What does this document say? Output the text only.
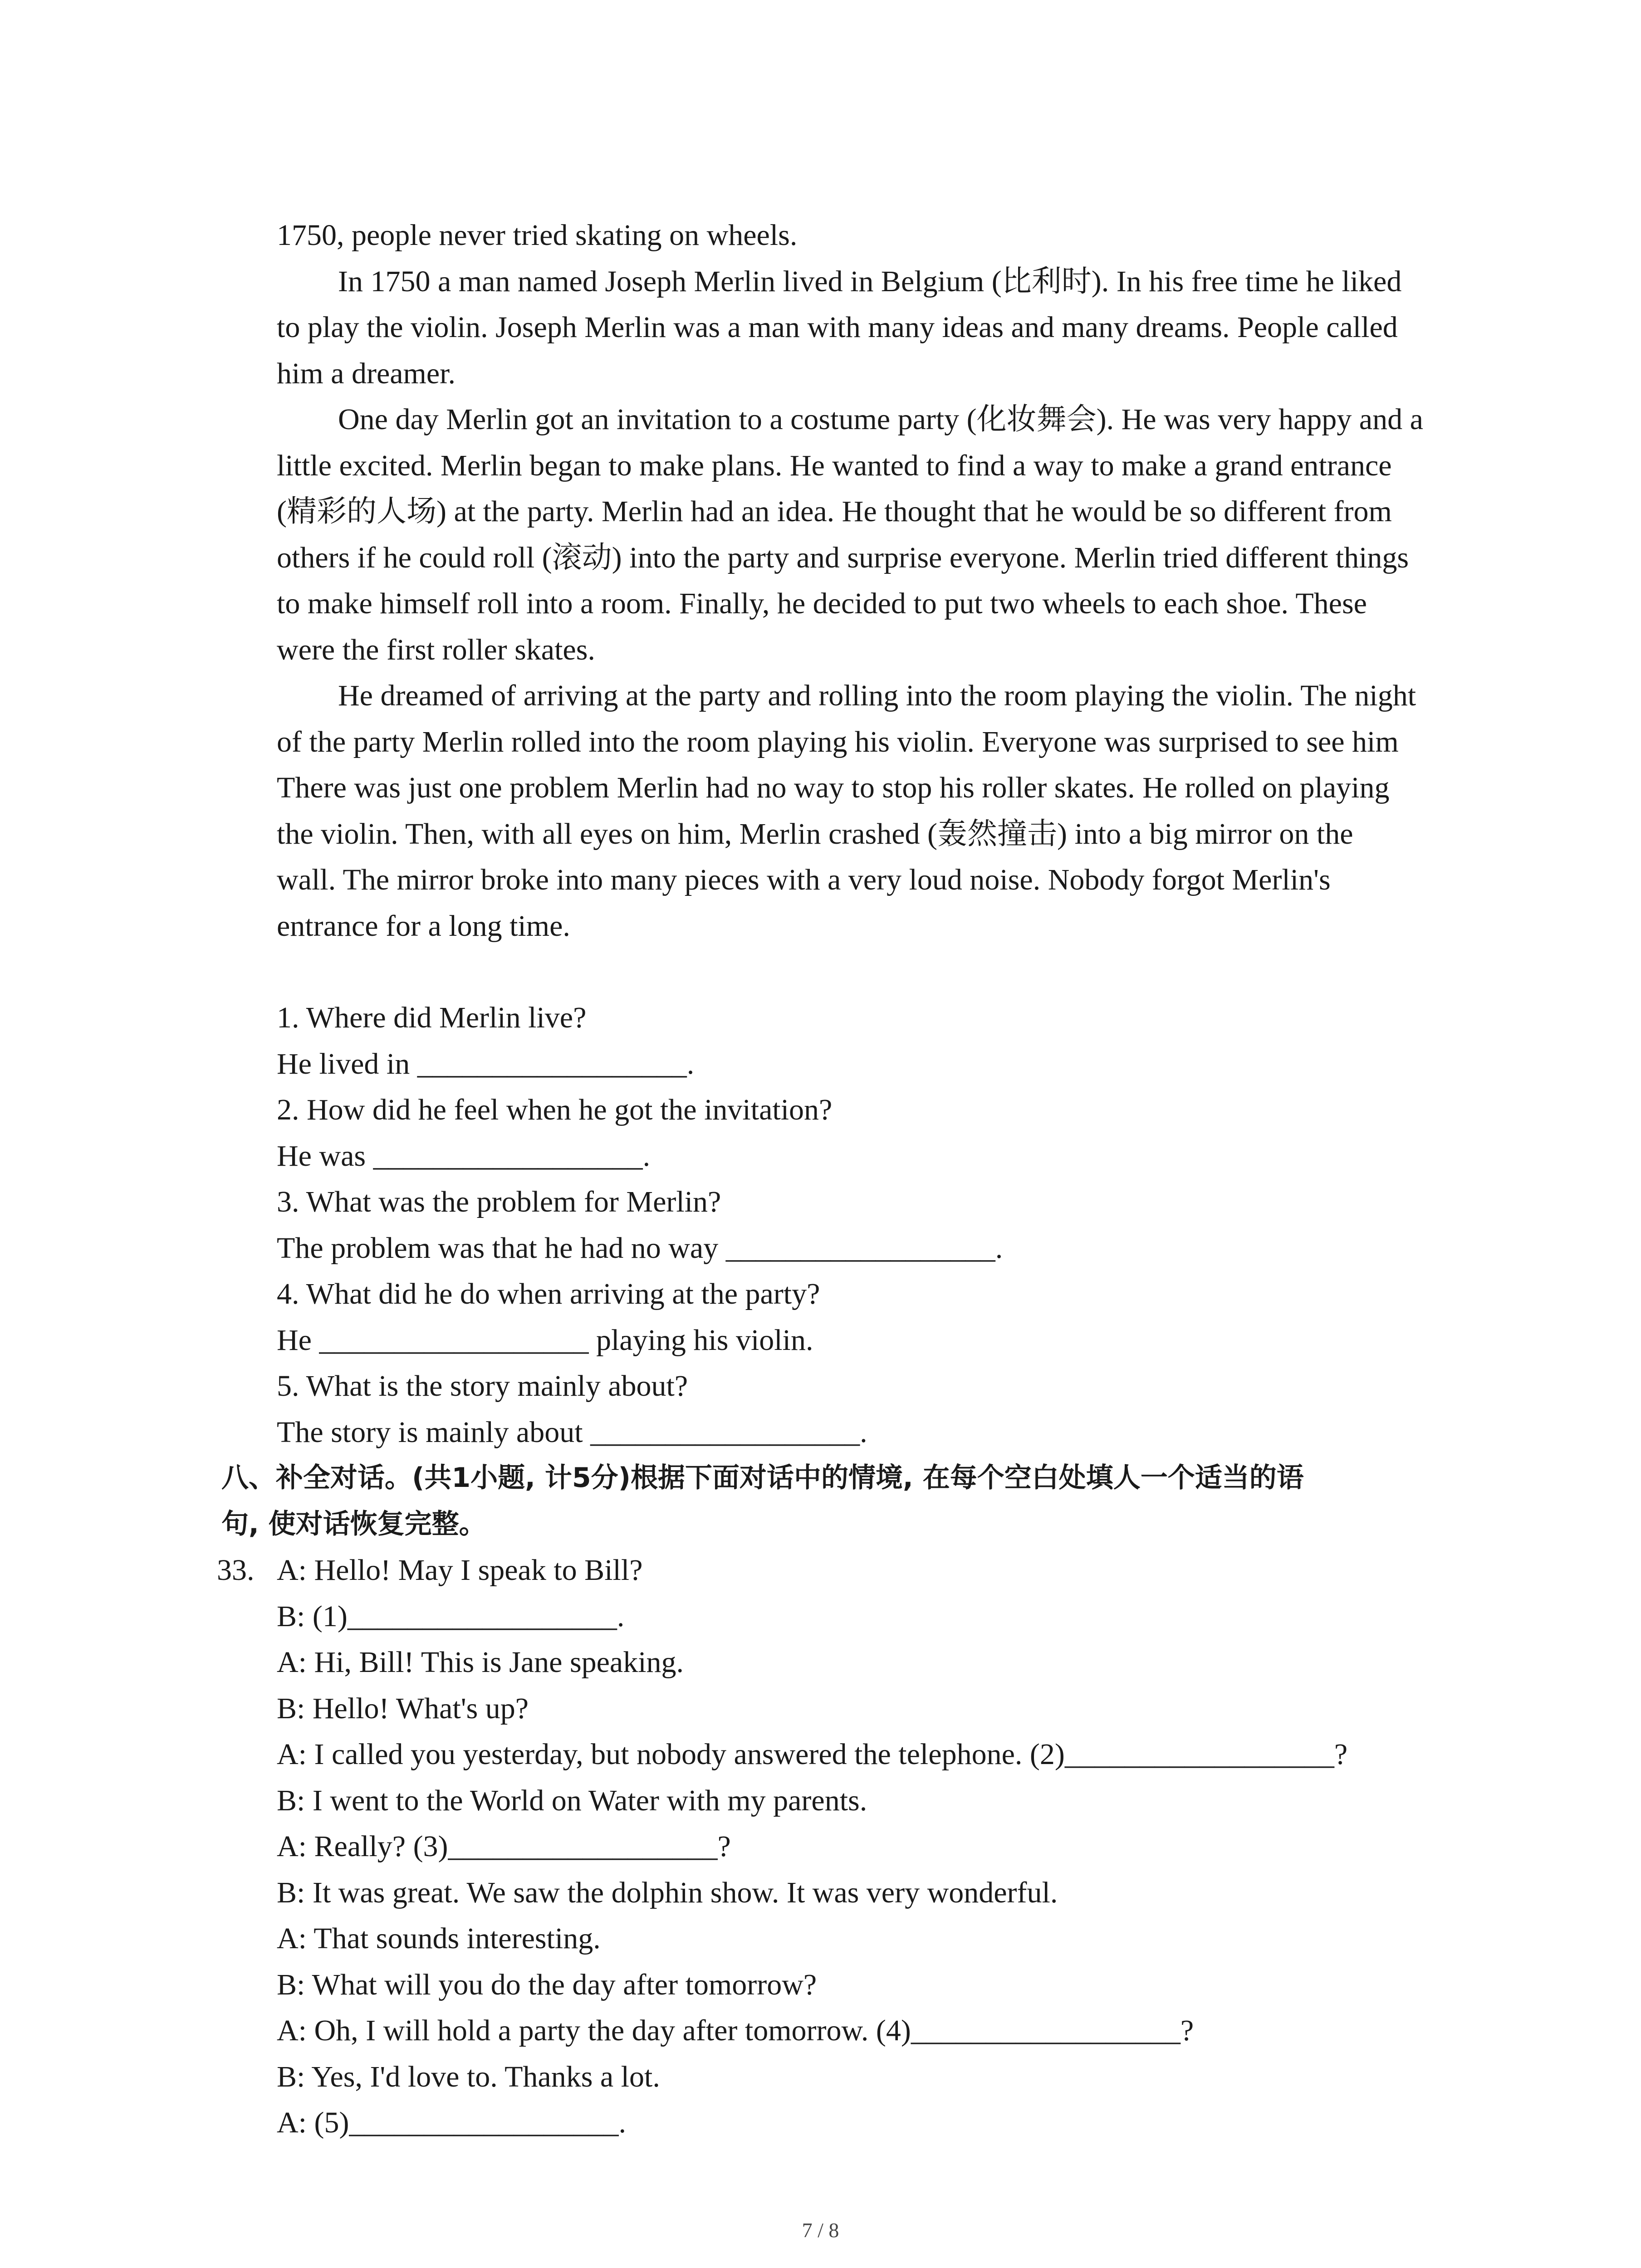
1750, people never tried skating on wheels.
In 1750 a man named Joseph Merlin lived in Belgium (比利时). In his free time he liked
to play the violin. Joseph Merlin was a man with many ideas and many dreams. People called
him a dreamer.
One day Merlin got an invitation to a costume party (化妆舞会). He was very happy and a
little excited. Merlin began to make plans. He wanted to find a way to make a grand entrance
(精彩的人场) at the party. Merlin had an idea. He thought that he would be so different from
others if he could roll (滚动) into the party and surprise everyone. Merlin tried different things
to make himself roll into a room. Finally, he decided to put two wheels to each shoe. These
were the first roller skates.
He dreamed of arriving at the party and rolling into the room playing the violin. The night
of the party Merlin rolled into the room playing his violin. Everyone was surprised to see him
There was just one problem Merlin had no way to stop his roller skates. He rolled on playing
the violin. Then, with all eyes on him, Merlin crashed (轰然撞击) into a big mirror on the
wall. The mirror broke into many pieces with a very loud noise. Nobody forgot Merlin's
entrance for a long time.
1. Where did Merlin live?
He lived in __________________.
2. How did he feel when he got the invitation?
He was __________________.
3. What was the problem for Merlin?
The problem was that he had no way __________________.
4. What did he do when arriving at the party?
He __________________ playing his violin.
5. What is the story mainly about?
The story is mainly about __________________.
八、补全对话。(共1小题, 计5分)根据下面对话中的情境, 在每个空白处填人一个适当的语
句, 使对话恢复完整。
33. A: Hello! May I speak to Bill?
B: (1)__________________.
A: Hi, Bill! This is Jane speaking.
B: Hello! What's up?
A: I called you yesterday, but nobody answered the telephone. (2)__________________?
B: I went to the World on Water with my parents.
A: Really? (3)__________________?
B: It was great. We saw the dolphin show. It was very wonderful.
A: That sounds interesting.
B: What will you do the day after tomorrow?
A: Oh, I will hold a party the day after tomorrow. (4)__________________?
B: Yes, I'd love to. Thanks a lot.
A: (5)__________________.
7 / 8
